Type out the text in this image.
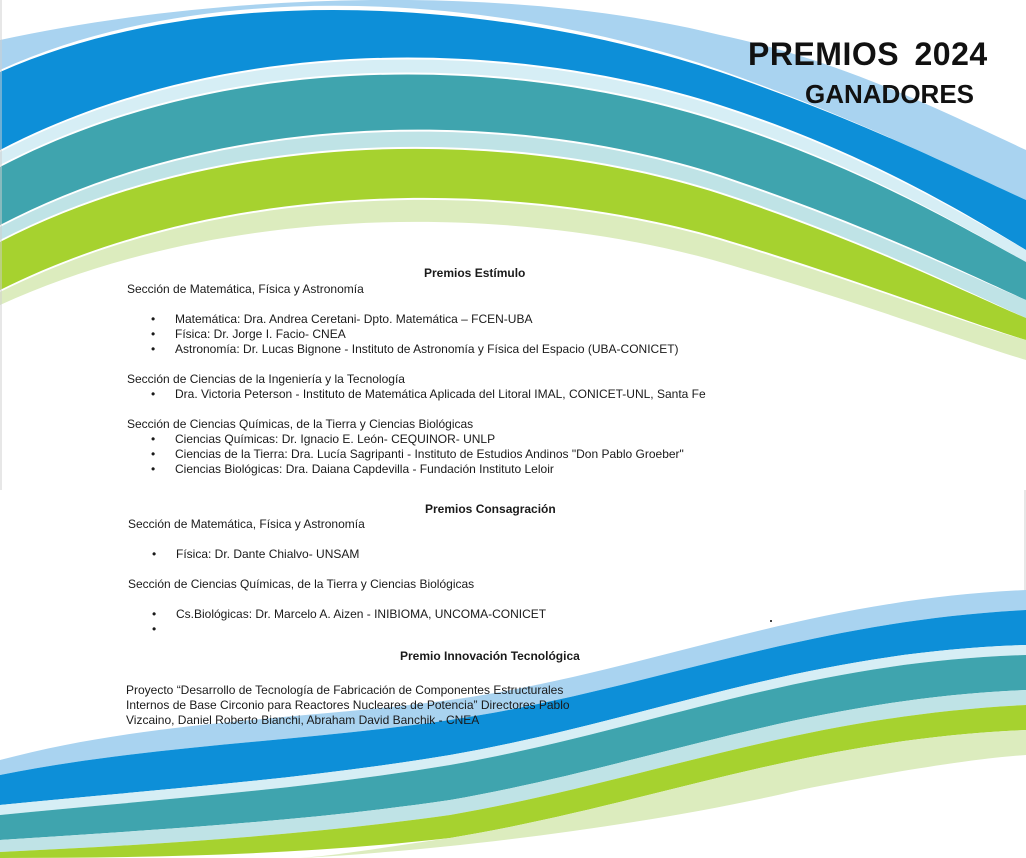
PREMIOS 2024
GANADORES
Premios Estímulo
Sección de Matemática, Física y Astronomía
• Matemática: Dra. Andrea Ceretani- Dpto. Matemática – FCEN-UBA
• Física: Dr. Jorge I. Facio- CNEA
• Astronomía: Dr. Lucas Bignone - Instituto de Astronomía y Física del Espacio (UBA-CONICET)
Sección de Ciencias de la Ingeniería y la Tecnología
• Dra. Victoria Peterson - Instituto de Matemática Aplicada del Litoral IMAL, CONICET-UNL, Santa Fe
Sección de Ciencias Químicas, de la Tierra y Ciencias Biológicas
• Ciencias Químicas: Dr. Ignacio E. León- CEQUINOR- UNLP
• Ciencias de la Tierra: Dra. Lucía Sagripanti - Instituto de Estudios Andinos "Don Pablo Groeber"
• Ciencias Biológicas: Dra. Daiana Capdevilla - Fundación Instituto Leloir
Premios Consagración
Sección de Matemática, Física y Astronomía
• Física: Dr. Dante Chialvo- UNSAM
Sección de Ciencias Químicas, de la Tierra y Ciencias Biológicas
• Cs.Biológicas: Dr. Marcelo A. Aizen - INIBIOMA, UNCOMA-CONICET
•
Premio Innovación Tecnológica
Proyecto “Desarrollo de Tecnología de Fabricación de Componentes Estructurales Internos de Base Circonio para Reactores Nucleares de Potencia” Directores Pablo Vizcaino, Daniel Roberto Bianchi, Abraham David Banchik - CNEA
